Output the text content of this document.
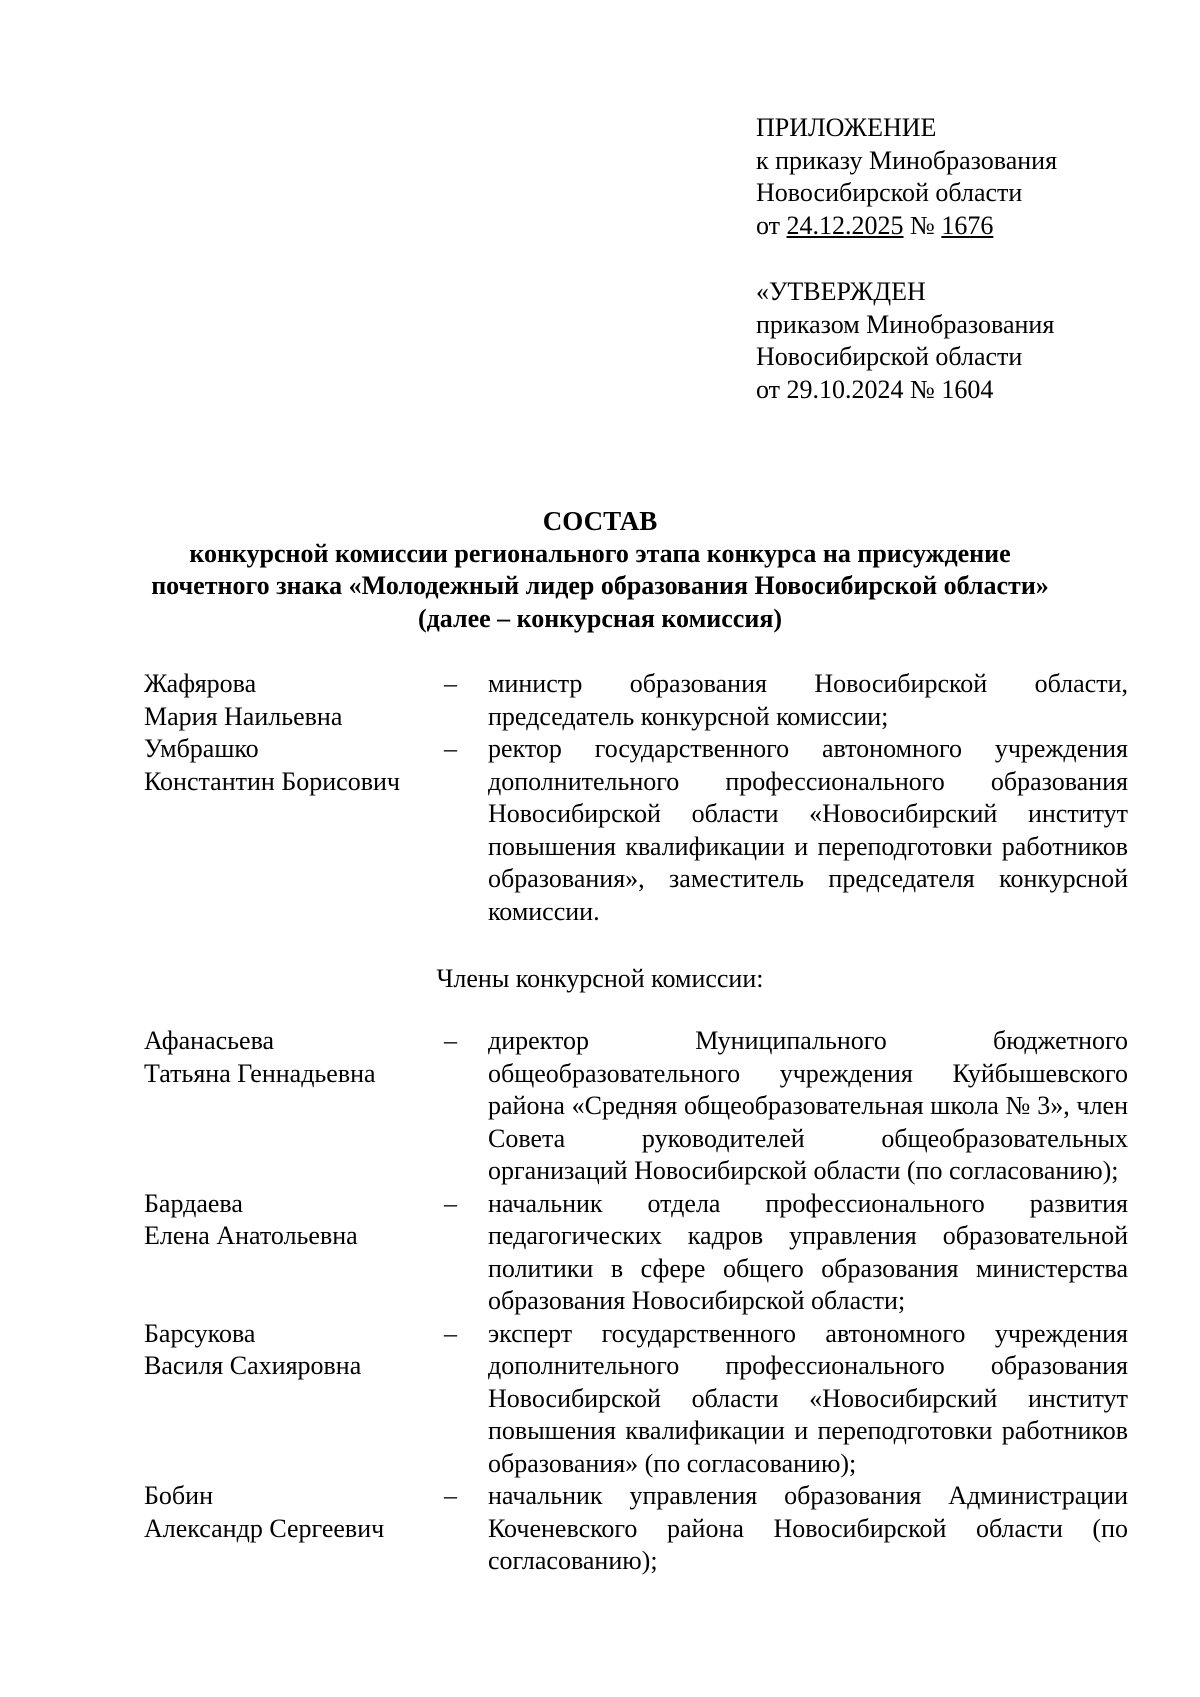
ПРИЛОЖЕНИЕ
к приказу Минобразования
Новосибирской области
от 24.12.2025 № 1676
«УТВЕРЖДЕН
приказом Минобразования
Новосибирской области
от 29.10.2024 № 1604
СОСТАВ
конкурсной комиссии регионального этапа конкурса на присуждение
почетного знака «Молодежный лидер образования Новосибирской области»
(далее – конкурсная комиссия)
Жафярова
Мария Наильевна
– министр образования Новосибирской области, председатель конкурсной комиссии;
Умбрашко
Константин Борисович
– ректор государственного автономного учреждения дополнительного профессионального образования Новосибирской области «Новосибирский институт повышения квалификации и переподготовки работников образования», заместитель председателя конкурсной комиссии.
Члены конкурсной комиссии:
Афанасьева
Татьяна Геннадьевна
– директор Муниципального бюджетного общеобразовательного учреждения Куйбышевского района «Средняя общеобразовательная школа № 3», член Совета руководителей общеобразовательных организаций Новосибирской области (по согласованию);
Бардаева
Елена Анатольевна
– начальник отдела профессионального развития педагогических кадров управления образовательной политики в сфере общего образования министерства образования Новосибирской области;
Барсукова
Василя Сахияровна
– эксперт государственного автономного учреждения дополнительного профессионального образования Новосибирской области «Новосибирский институт повышения квалификации и переподготовки работников образования» (по согласованию);
Бобин
Александр Сергеевич
– начальник управления образования Администрации Коченевского района Новосибирской области (по согласованию);
